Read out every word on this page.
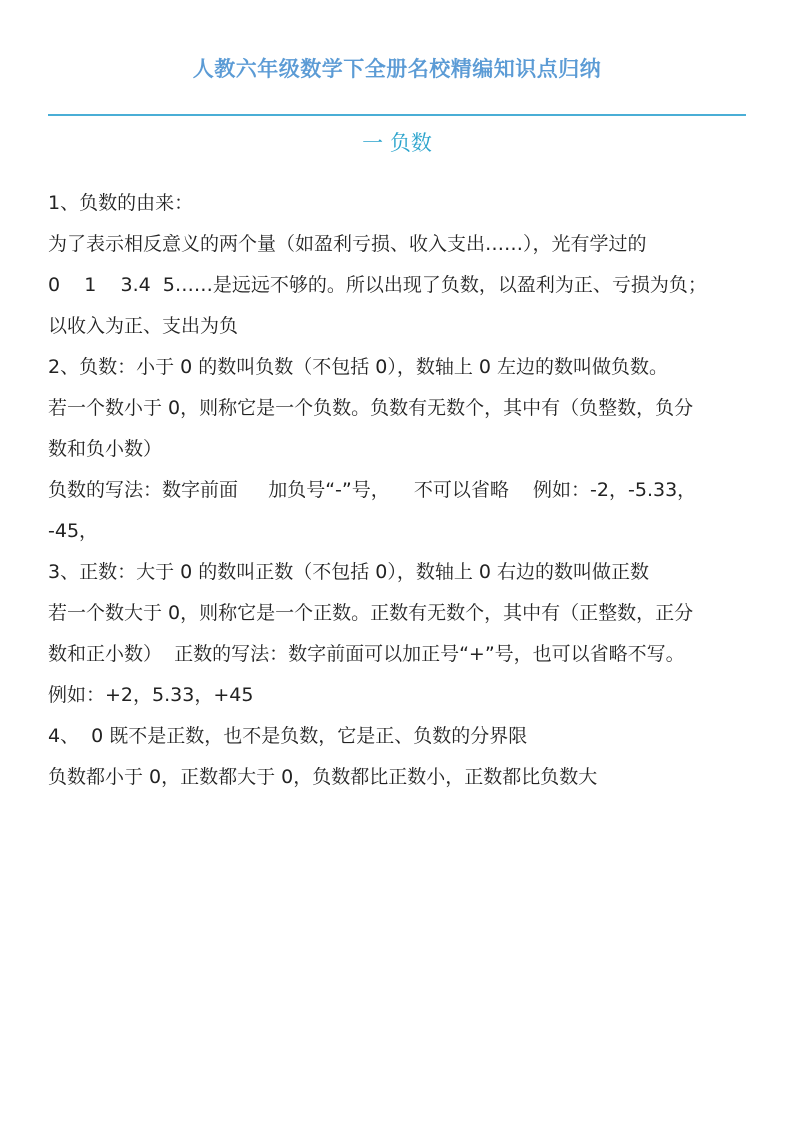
人教六年级数学下全册名校精编知识点归纳
一 负数
1、负数的由来：
为了表示相反意义的两个量（如盈利亏损、收入支出……），光有学过的
0    1    3.4  5……是远远不够的。所以出现了负数，以盈利为正、亏损为负；
以收入为正、支出为负
2、负数：小于 0 的数叫负数（不包括 0），数轴上 0 左边的数叫做负数。
若一个数小于 0，则称它是一个负数。负数有无数个，其中有（负整数，负分
数和负小数）
负数的写法：数字前面     加负号“-”号，    不可以省略    例如：-2，-5.33，
-45，
3、正数：大于 0 的数叫正数（不包括 0），数轴上 0 右边的数叫做正数
若一个数大于 0，则称它是一个正数。正数有无数个，其中有（正整数，正分
数和正小数）  正数的写法：数字前面可以加正号“+”号，也可以省略不写。
例如：+2，5.33，+45
4、  0 既不是正数，也不是负数，它是正、负数的分界限
负数都小于 0，正数都大于 0，负数都比正数小，正数都比负数大
